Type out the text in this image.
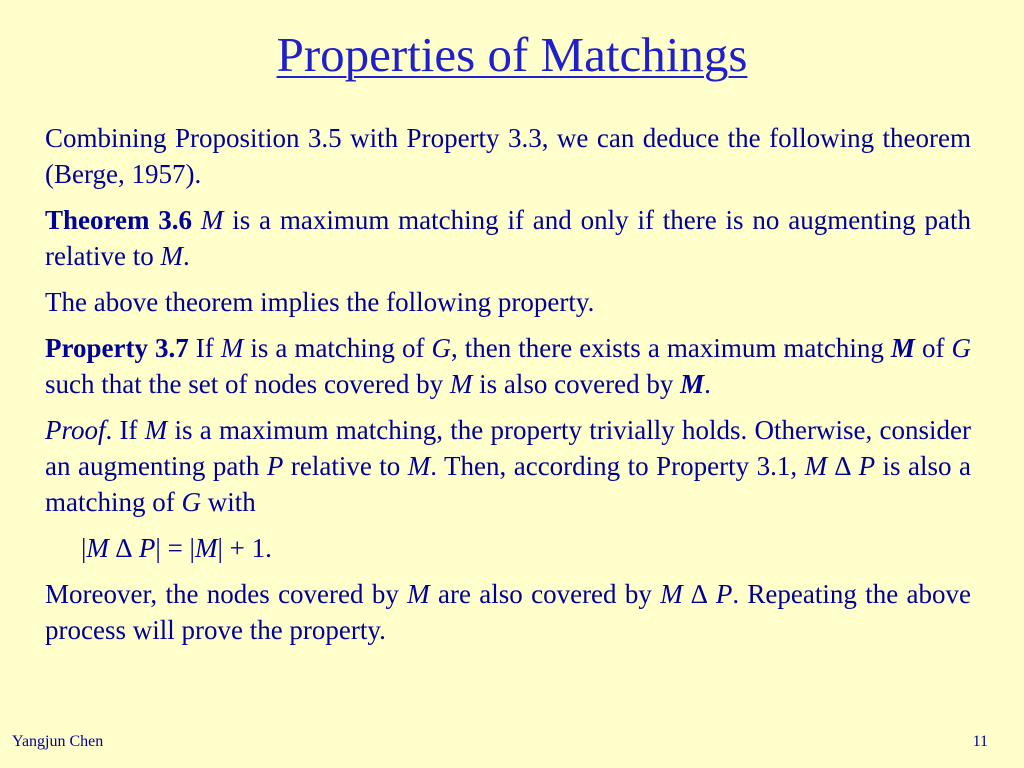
Properties of Matchings

Combining Proposition 3.5 with Property 3.3, we can deduce the following theorem (Berge, 1957).

Theorem 3.6 M is a maximum matching if and only if there is no augmenting path relative to M.

The above theorem implies the following property.

Property 3.7 If M is a matching of G, then there exists a maximum matching M of G such that the set of nodes covered by M is also covered by M.

Proof. If M is a maximum matching, the property trivially holds. Otherwise, consider an augmenting path P relative to M. Then, according to Property 3.1, M ∆ P is also a matching of G with

|M ∆ P| = |M| + 1.

Moreover, the nodes covered by M are also covered by M ∆ P. Repeating the above process will prove the property.

Yangjun Chen	11
